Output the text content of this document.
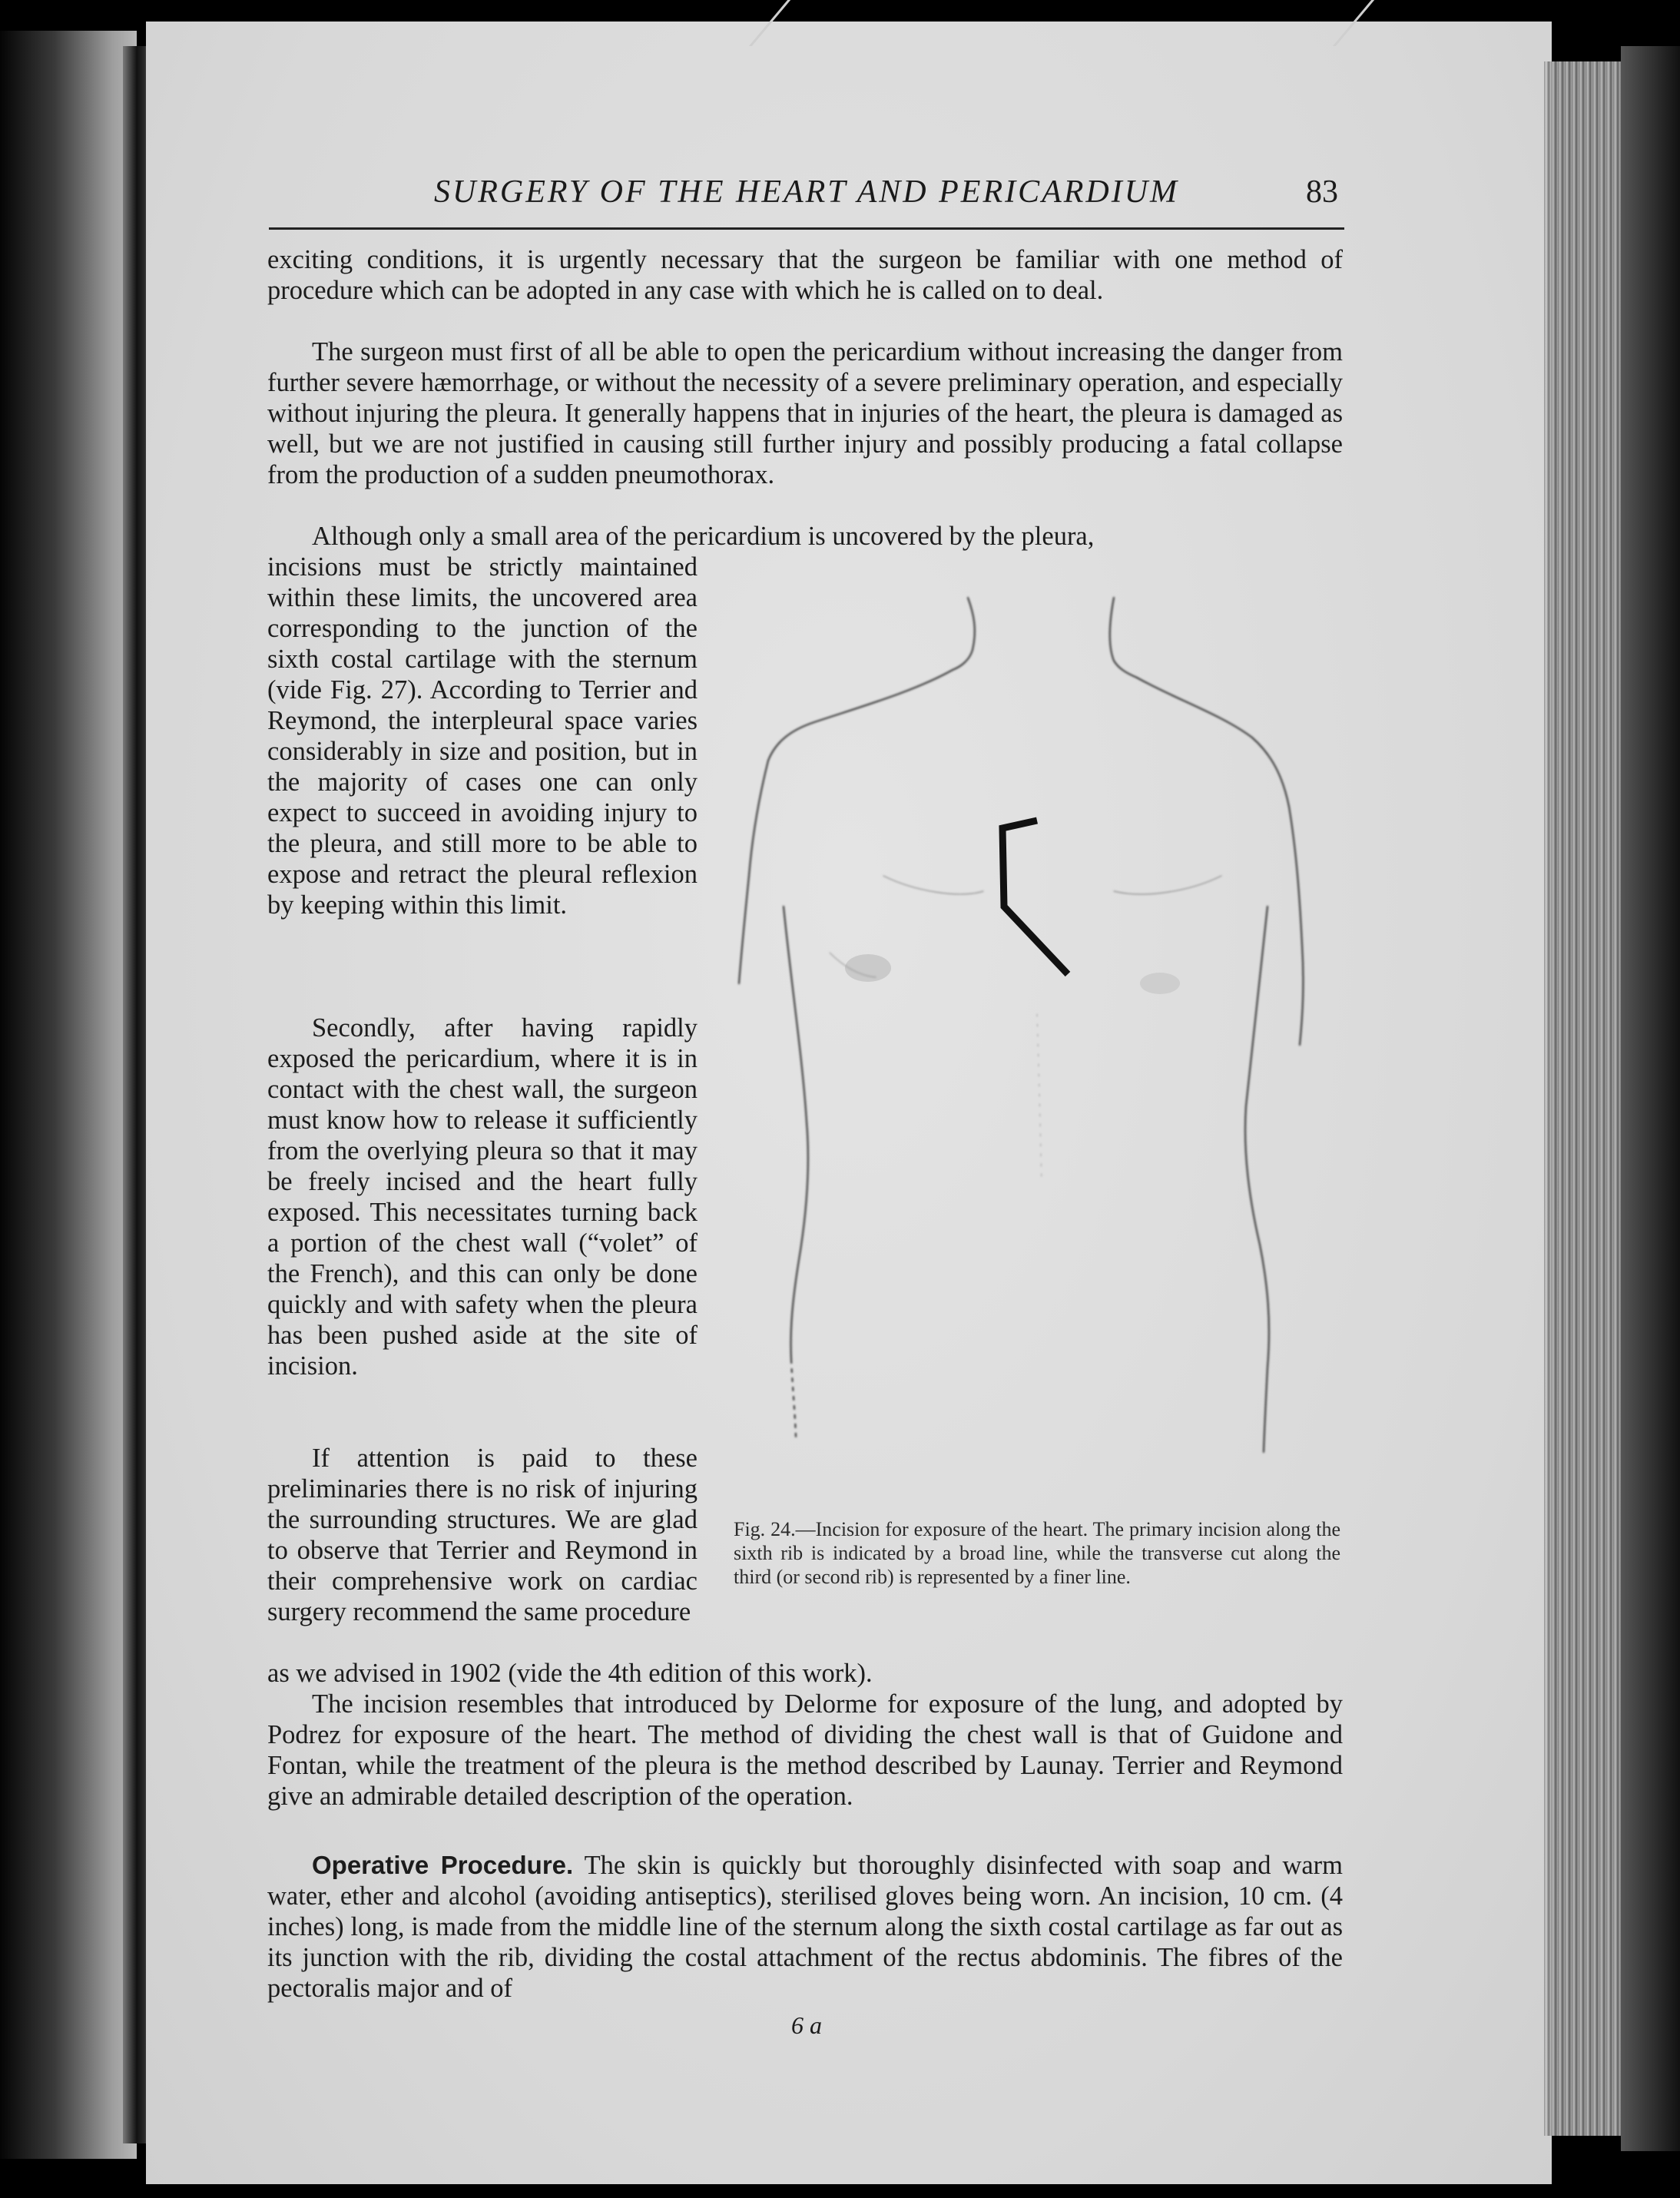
SURGERY OF THE HEART AND PERICARDIUM	83

exciting conditions, it is urgently necessary that the surgeon be familiar with one method of procedure which can be adopted in any case with which he is called on to deal.

The surgeon must first of all be able to open the pericardium without increasing the danger from further severe hæmorrhage, or without the necessity of a severe preliminary operation, and especially without injuring the pleura. It generally happens that in injuries of the heart, the pleura is damaged as well, but we are not justified in causing still further injury and possibly producing a fatal collapse from the production of a sudden pneumothorax.

Although only a small area of the pericardium is uncovered by the pleura,

incisions must be strictly maintained within these limits, the uncovered area corresponding to the junction of the sixth costal cartilage with the sternum (vide Fig. 27). According to Terrier and Reymond, the interpleural space varies considerably in size and position, but in the majority of cases one can only expect to succeed in avoiding injury to the pleura, and still more to be able to expose and retract the pleural reflexion by keeping within this limit.

Secondly, after having rapidly exposed the pericardium, where it is in contact with the chest wall, the surgeon must know how to release it sufficiently from the overlying pleura so that it may be freely incised and the heart fully exposed. This necessitates turning back a portion of the chest wall (“volet” of the French), and this can only be done quickly and with safety when the pleura has been pushed aside at the site of incision.

If attention is paid to these preliminaries there is no risk of injuring the surrounding structures. We are glad to observe that Terrier and Reymond in their comprehensive work on cardiac surgery recommend the same procedure

as we advised in 1902 (vide the 4th edition of this work).

The incision resembles that introduced by Delorme for exposure of the lung, and adopted by Podrez for exposure of the heart. The method of dividing the chest wall is that of Guidone and Fontan, while the treatment of the pleura is the method described by Launay. Terrier and Reymond give an admirable detailed description of the operation.

Operative Procedure. The skin is quickly but thoroughly disinfected with soap and warm water, ether and alcohol (avoiding antiseptics), sterilised gloves being worn. An incision, 10 cm. (4 inches) long, is made from the middle line of the sternum along the sixth costal cartilage as far out as its junction with the rib, dividing the costal attachment of the rectus abdominis. The fibres of the pectoralis major and of

Fig. 24.—Incision for exposure of the heart. The primary incision along the sixth rib is indicated by a broad line, while the transverse cut along the third (or second rib) is represented by a finer line.
6 a
